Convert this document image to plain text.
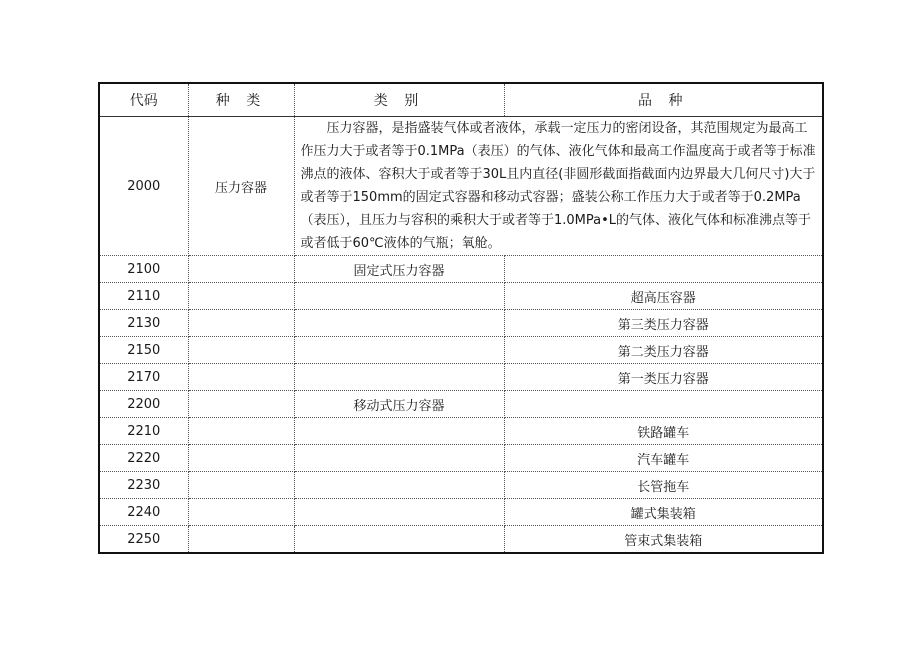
代码	种 类	类 别	品 种
2000	压力容器	压力容器，是指盛装气体或者液体，承载一定压力的密闭设备，其范围规定为最高工作压力大于或者等于0.1MPa（表压）的气体、液化气体和最高工作温度高于或者等于标准沸点的液体、容积大于或者等于30L且内直径(非圆形截面指截面内边界最大几何尺寸)大于或者等于150mm的固定式容器和移动式容器；盛装公称工作压力大于或者等于0.2MPa（表压），且压力与容积的乘积大于或者等于1.0MPa•L的气体、液化气体和标准沸点等于或者低于60℃液体的气瓶；氧舱。	
2100		固定式压力容器	
2110			超高压容器
2130			第三类压力容器
2150			第二类压力容器
2170			第一类压力容器
2200		移动式压力容器	
2210			铁路罐车
2220			汽车罐车
2230			长管拖车
2240			罐式集装箱
2250			管束式集装箱
